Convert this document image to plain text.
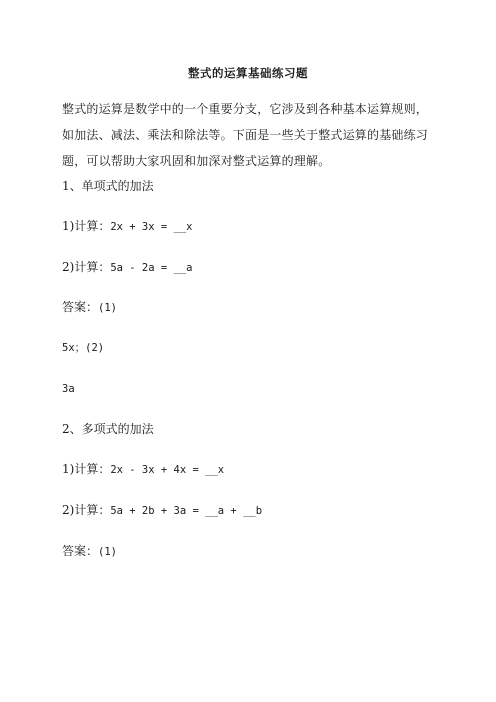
整式的运算基础练习题

整式的运算是数学中的一个重要分支，它涉及到各种基本运算规则，如加法、减法、乘法和除法等。下面是一些关于整式运算的基础练习题，可以帮助大家巩固和加深对整式运算的理解。

1、单项式的加法
1)计算：2x + 3x = __x
2)计算：5a - 2a = __a
答案：(1)
5x；(2)
3a
2、多项式的加法
1)计算：2x - 3x + 4x = __x
2)计算：5a + 2b + 3a = __a + __b
答案：(1)
